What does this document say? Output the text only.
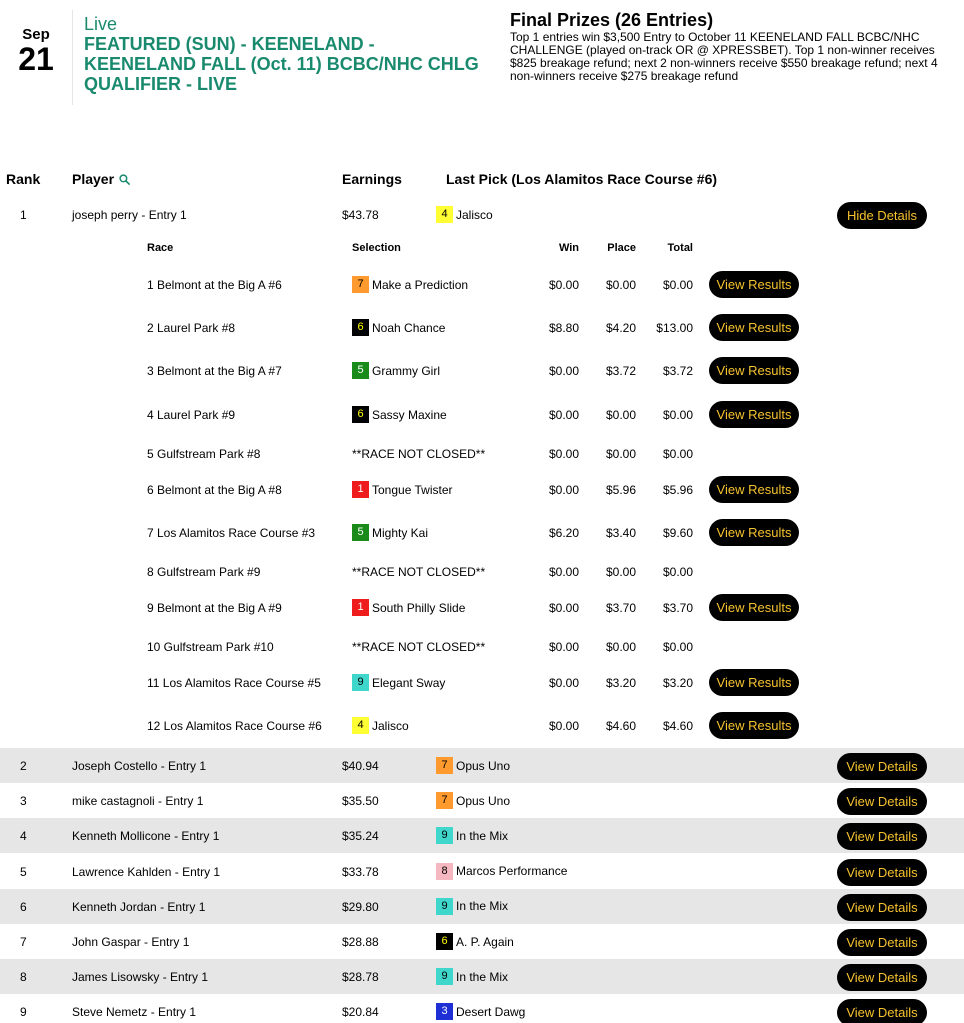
Sep
21
Live
FEATURED (SUN) - KEENELAND - KEENELAND FALL (Oct. 11) BCBC/NHC CHLG QUALIFIER - LIVE
Final Prizes (26 Entries)
Top 1 entries win $3,500 Entry to October 11 KEENELAND FALL BCBC/NHC CHALLENGE (played on-track OR @ XPRESSBET). Top 1 non-winner receives $825 breakage refund; next 2 non-winners receive $550 breakage refund; next 4 non-winners receive $275 breakage refund
Rank Player	Earnings	Last Pick (Los Alamitos Race Course #6)
1	joseph perry - Entry 1	$43.78	4 Jalisco	Hide Details
Race	Selection	Win	Place	Total
1 Belmont at the Big A #6	7 Make a Prediction	$0.00 $0.00 $0.00	View Results
2 Laurel Park #8	6 Noah Chance	$8.80 $4.20 $13.00	View Results
3 Belmont at the Big A #7	5 Grammy Girl	$0.00 $3.72 $3.72	View Results
4 Laurel Park #9	6 Sassy Maxine	$0.00 $0.00 $0.00	View Results
5 Gulfstream Park #8	**RACE NOT CLOSED**	$0.00 $0.00 $0.00
6 Belmont at the Big A #8	1 Tongue Twister	$0.00 $5.96 $5.96	View Results
7 Los Alamitos Race Course #3	5 Mighty Kai	$6.20 $3.40 $9.60	View Results
8 Gulfstream Park #9	**RACE NOT CLOSED**	$0.00 $0.00 $0.00
9 Belmont at the Big A #9	1 South Philly Slide	$0.00 $3.70 $3.70	View Results
10 Gulfstream Park #10	**RACE NOT CLOSED**	$0.00 $0.00 $0.00
11 Los Alamitos Race Course #5	9 Elegant Sway	$0.00 $3.20 $3.20	View Results
12 Los Alamitos Race Course #6	4 Jalisco	$0.00 $4.60 $4.60	View Results
2	Joseph Costello - Entry 1	$40.94	7 Opus Uno	View Details
3	mike castagnoli - Entry 1	$35.50	7 Opus Uno	View Details
4	Kenneth Mollicone - Entry 1	$35.24	9 In the Mix	View Details
5	Lawrence Kahlden - Entry 1	$33.78	8 Marcos Performance	View Details
6	Kenneth Jordan - Entry 1	$29.80	9 In the Mix	View Details
7	John Gaspar - Entry 1	$28.88	6 A. P. Again	View Details
8	James Lisowsky - Entry 1	$28.78	9 In the Mix	View Details
9	Steve Nemetz - Entry 1	$20.84	3 Desert Dawg	View Details
